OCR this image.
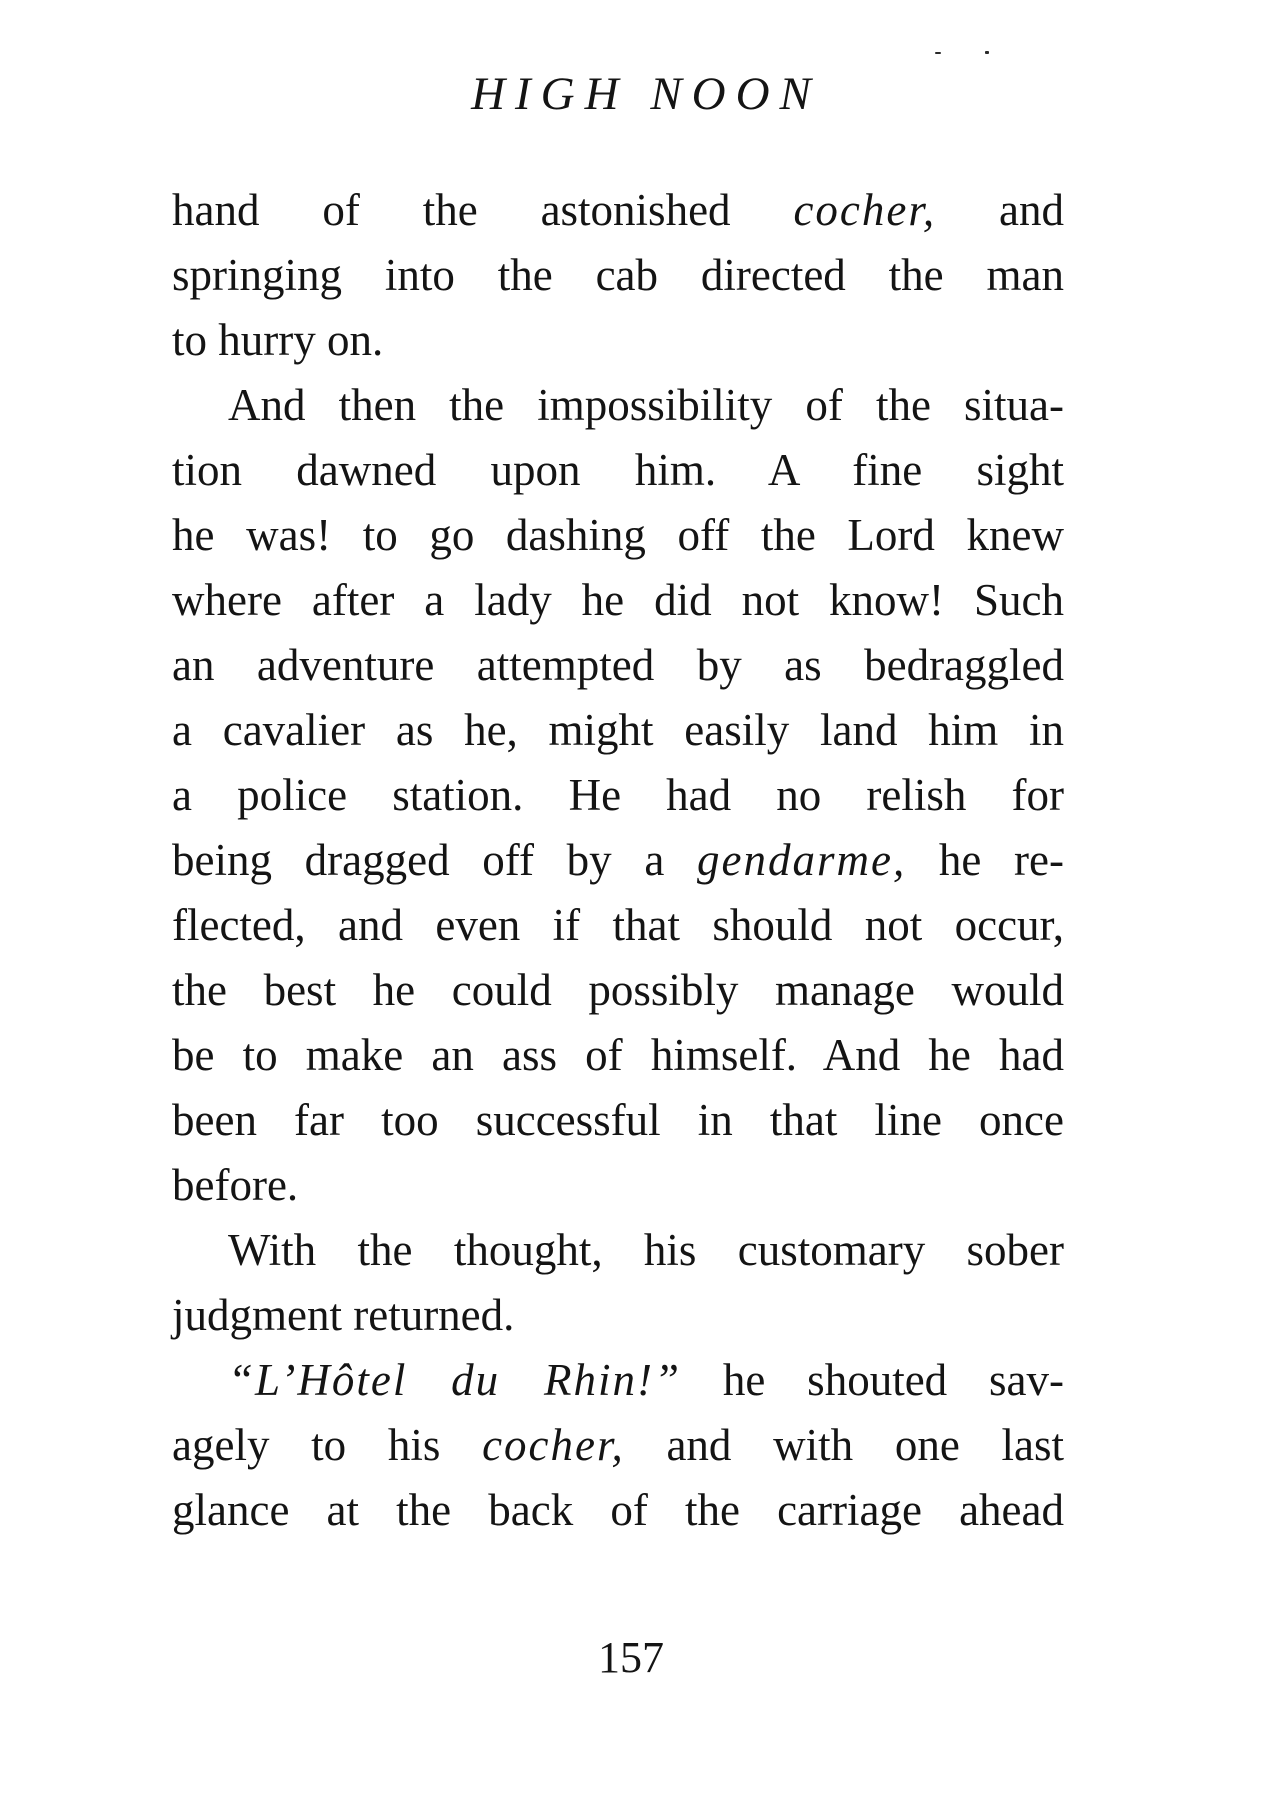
HIGH NOON
hand of the astonished cocher, and
springing into the cab directed the man
to hurry on.
And then the impossibility of the situa-
tion dawned upon him. A fine sight
he was! to go dashing off the Lord knew
where after a lady he did not know! Such
an adventure attempted by as bedraggled
a cavalier as he, might easily land him in
a police station. He had no relish for
being dragged off by a gendarme, he re-
flected, and even if that should not occur,
the best he could possibly manage would
be to make an ass of himself. And he had
been far too successful in that line once
before.
With the thought, his customary sober
judgment returned.
“L’Hôtel du Rhin!” he shouted sav-
agely to his cocher, and with one last
glance at the back of the carriage ahead
157
